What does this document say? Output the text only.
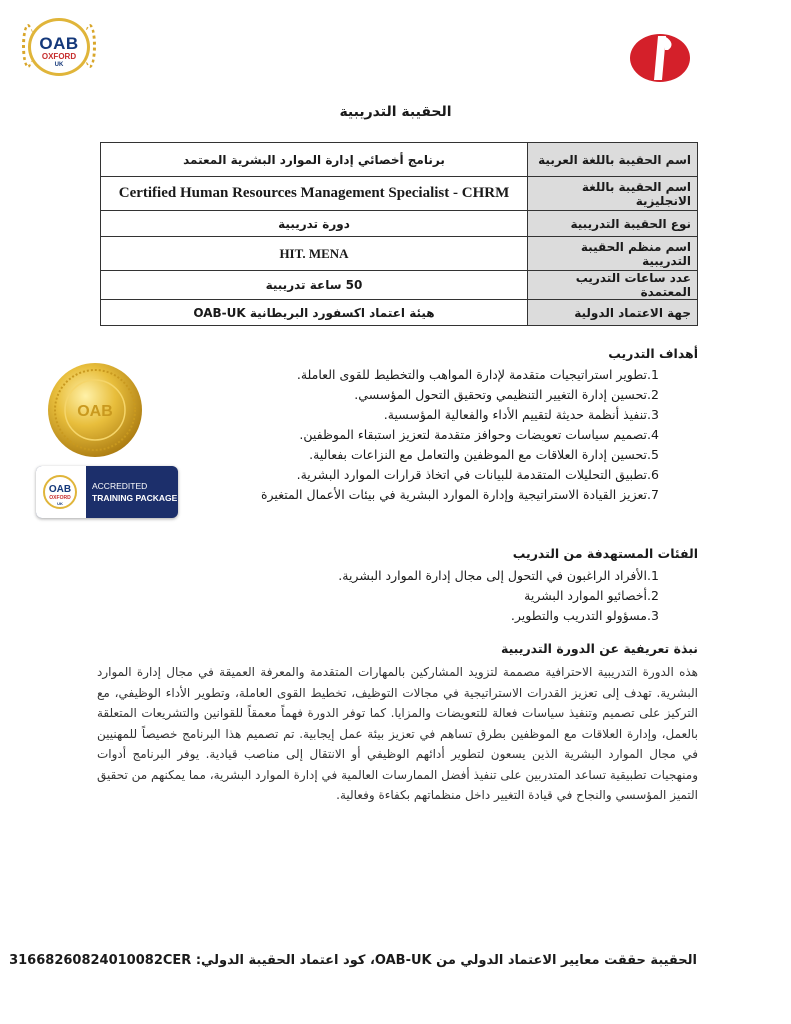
OAB
OXFORD
UK
الحقيبة التدريبية
اسم الحقيبة باللغة العربية	برنامج أخصائي إدارة الموارد البشرية المعتمد
اسم الحقيبة باللغة الانجليزية	Certified Human Resources Management Specialist - CHRM
نوع الحقيبة التدريبية	دورة تدريبية
اسم منظم الحقيبة التدريبية	HIT. MENA
عدد ساعات التدريب المعتمدة	50 ساعة تدريبية
جهة الاعتماد الدولية	هيئة اعتماد اكسفورد البريطانية OAB-UK
OAB
OAB
OXFORD
UK
ACCREDITED
TRAINING PACKAGE
أهداف التدريب
1.تطوير استراتيجيات متقدمة لإدارة المواهب والتخطيط للقوى العاملة.
2.تحسين إدارة التغيير التنظيمي وتحقيق التحول المؤسسي.
3.تنفيذ أنظمة حديثة لتقييم الأداء والفعالية المؤسسية.
4.تصميم سياسات تعويضات وحوافز متقدمة لتعزيز استبقاء الموظفين.
5.تحسين إدارة العلاقات مع الموظفين والتعامل مع النزاعات بفعالية.
6.تطبيق التحليلات المتقدمة للبيانات في اتخاذ قرارات الموارد البشرية.
7.تعزيز القيادة الاستراتيجية وإدارة الموارد البشرية في بيئات الأعمال المتغيرة
الفئات المستهدفة من التدريب
1.الأفراد الراغبون في التحول إلى مجال إدارة الموارد البشرية.
2.أخصائيو الموارد البشرية
3.مسؤولو التدريب والتطوير.
نبذة تعريفية عن الدورة التدريبية
هذه الدورة التدريبية الاحترافية مصممة لتزويد المشاركين بالمهارات المتقدمة والمعرفة العميقة في مجال إدارة الموارد البشرية. تهدف إلى تعزيز القدرات الاستراتيجية في مجالات التوظيف، تخطيط القوى العاملة، وتطوير الأداء الوظيفي، مع التركيز على تصميم وتنفيذ سياسات فعالة للتعويضات والمزايا. كما توفر الدورة فهماً معمقاً للقوانين والتشريعات المتعلقة بالعمل، وإدارة العلاقات مع الموظفين بطرق تساهم في تعزيز بيئة عمل إيجابية. تم تصميم هذا البرنامج خصيصاً للمهنيين في مجال الموارد البشرية الذين يسعون لتطوير أدائهم الوظيفي أو الانتقال إلى مناصب قيادية. يوفر البرنامج أدوات ومنهجيات تطبيقية تساعد المتدربين على تنفيذ أفضل الممارسات العالمية في إدارة الموارد البشرية، مما يمكنهم من تحقيق التميز المؤسسي والنجاح في قيادة التغيير داخل منظماتهم بكفاءة وفعالية.
الحقيبة حققت معايير الاعتماد الدولي من OAB-UK، كود اعتماد الحقيبة الدولي: 31668260824010082CER
